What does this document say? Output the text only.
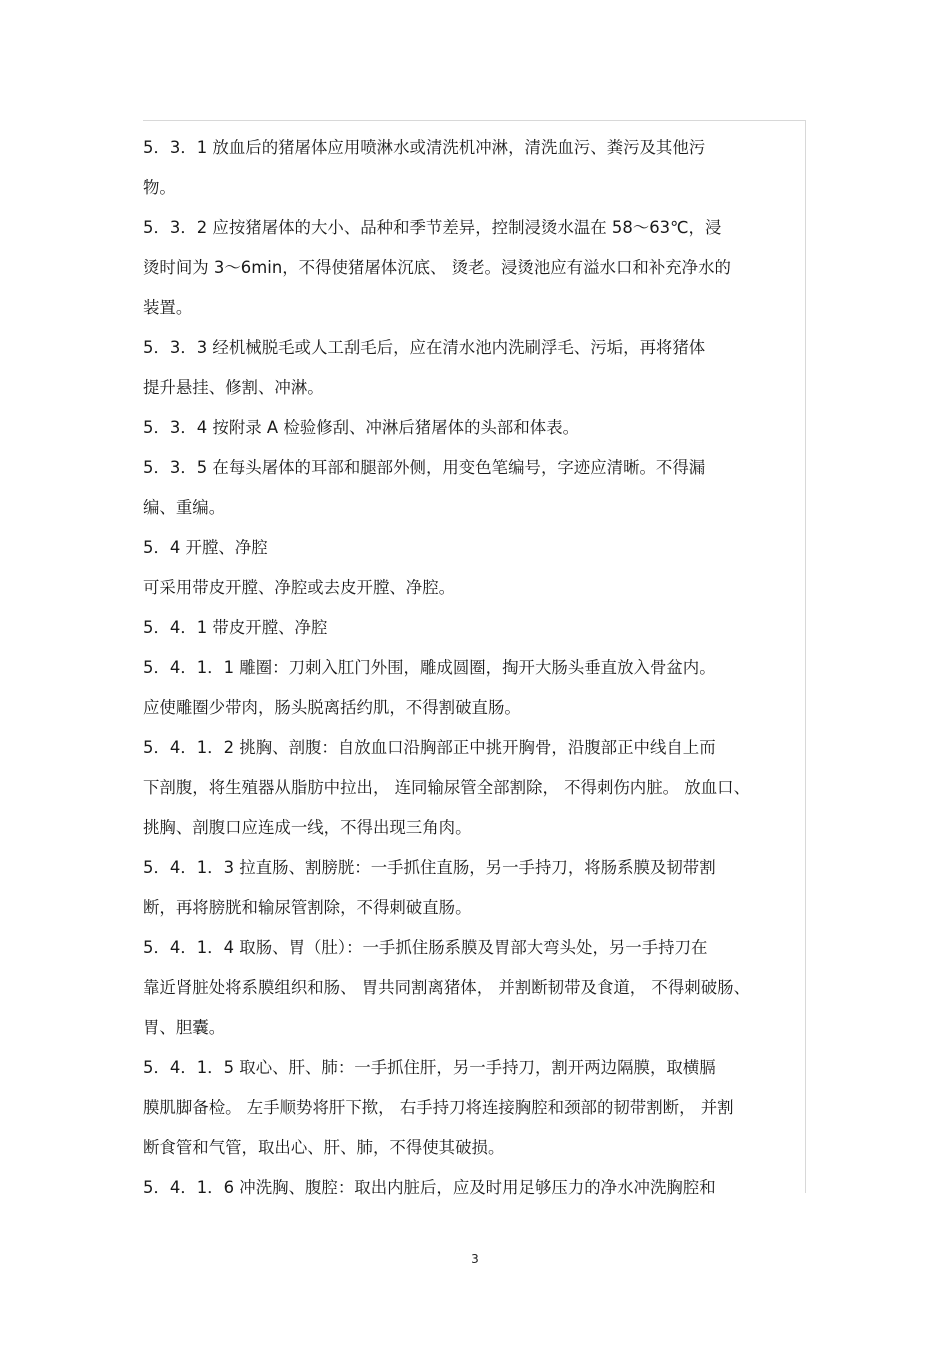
5．3．1 放血后的猪屠体应用喷淋水或清洗机冲淋，清洗血污、粪污及其他污
物。
5．3．2 应按猪屠体的大小、品种和季节差异，控制浸烫水温在 58～63℃，浸
烫时间为 3～6min，不得使猪屠体沉底、 烫老。浸烫池应有溢水口和补充净水的
装置。
5．3．3 经机械脱毛或人工刮毛后，应在清水池内洗刷浮毛、污垢，再将猪体
提升悬挂、修割、冲淋。
5．3．4 按附录 A 检验修刮、冲淋后猪屠体的头部和体表。
5．3．5 在每头屠体的耳部和腿部外侧，用变色笔编号，字迹应清晰。不得漏
编、重编。
5．4 开膛、净腔
可采用带皮开膛、净腔或去皮开膛、净腔。
5．4．1 带皮开膛、净腔
5．4．1．1 雕圈：刀刺入肛门外围，雕成圆圈，掏开大肠头垂直放入骨盆内。
应使雕圈少带肉，肠头脱离括约肌，不得割破直肠。
5．4．1．2 挑胸、剖腹：自放血口沿胸部正中挑开胸骨，沿腹部正中线自上而
下剖腹，将生殖器从脂肪中拉出， 连同输尿管全部割除， 不得刺伤内脏。 放血口、
挑胸、剖腹口应连成一线，不得出现三角肉。
5．4．1．3 拉直肠、割膀胱：一手抓住直肠，另一手持刀，将肠系膜及韧带割
断，再将膀胱和输尿管割除，不得刺破直肠。
5．4．1．4 取肠、胃（肚）：一手抓住肠系膜及胃部大弯头处，另一手持刀在
靠近肾脏处将系膜组织和肠、 胃共同割离猪体， 并割断韧带及食道， 不得刺破肠、
胃、胆囊。
5．4．1．5 取心、肝、肺：一手抓住肝，另一手持刀，割开两边隔膜，取横膈
膜肌脚备检。 左手顺势将肝下揿， 右手持刀将连接胸腔和颈部的韧带割断， 并割
断食管和气管，取出心、肝、肺，不得使其破损。
5．4．1．6 冲洗胸、腹腔：取出内脏后，应及时用足够压力的净水冲洗胸腔和
3
